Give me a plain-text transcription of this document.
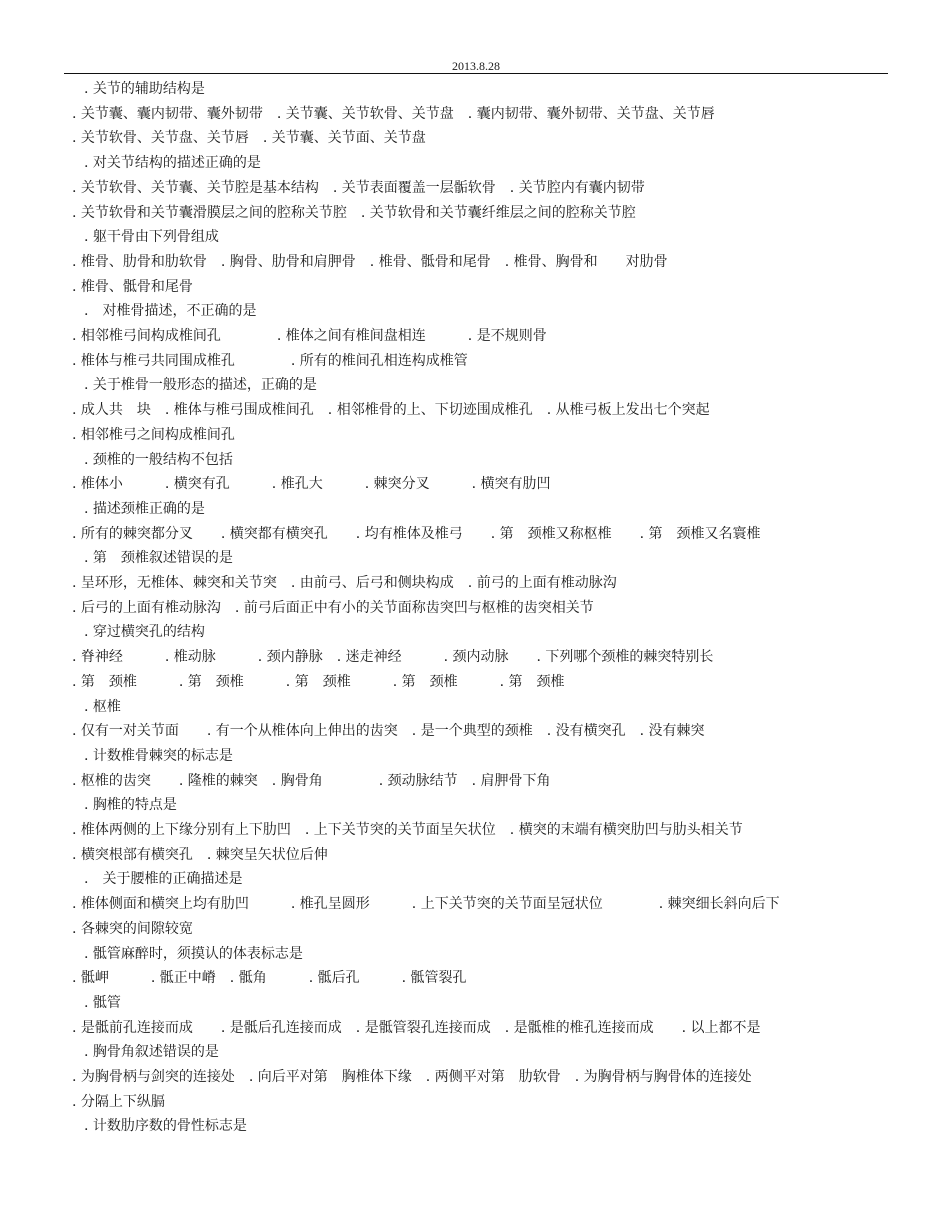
2013.8.28
. 关节的辅助结构是
. 关节囊、囊内韧带、囊外韧带　. 关节囊、关节软骨、关节盘　. 囊内韧带、囊外韧带、关节盘、关节唇
. 关节软骨、关节盘、关节唇　. 关节囊、关节面、关节盘
. 对关节结构的描述正确的是
. 关节软骨、关节囊、关节腔是基本结构　. 关节表面覆盖一层骺软骨　. 关节腔内有囊内韧带
. 关节软骨和关节囊滑膜层之间的腔称关节腔　. 关节软骨和关节囊纤维层之间的腔称关节腔
. 躯干骨由下列骨组成
. 椎骨、肋骨和肋软骨　. 胸骨、肋骨和肩胛骨　. 椎骨、骶骨和尾骨　. 椎骨、胸骨和　　对肋骨
. 椎骨、骶骨和尾骨
.　对椎骨描述，不正确的是
. 相邻椎弓间构成椎间孔　　　　. 椎体之间有椎间盘相连　　　. 是不规则骨
. 椎体与椎弓共同围成椎孔　　　　. 所有的椎间孔相连构成椎管
. 关于椎骨一般形态的描述，正确的是
. 成人共　块　. 椎体与椎弓围成椎间孔　. 相邻椎骨的上、下切迹围成椎孔　. 从椎弓板上发出七个突起
. 相邻椎弓之间构成椎间孔
. 颈椎的一般结构不包括
. 椎体小　　　. 横突有孔　　　. 椎孔大　　　. 棘突分叉　　　. 横突有肋凹
. 描述颈椎正确的是
. 所有的棘突都分叉　　. 横突都有横突孔　　. 均有椎体及椎弓　　. 第　颈椎又称枢椎　　. 第　颈椎又名寰椎
. 第　颈椎叙述错误的是
. 呈环形，无椎体、棘突和关节突　. 由前弓、后弓和侧块构成　. 前弓的上面有椎动脉沟
. 后弓的上面有椎动脉沟　. 前弓后面正中有小的关节面称齿突凹与枢椎的齿突相关节
. 穿过横突孔的结构
. 脊神经　　　. 椎动脉　　　. 颈内静脉　. 迷走神经　　　. 颈内动脉　　. 下列哪个颈椎的棘突特别长
. 第　颈椎　　　. 第　颈椎　　　. 第　颈椎　　　. 第　颈椎　　　. 第　颈椎
. 枢椎
. 仅有一对关节面　　. 有一个从椎体向上伸出的齿突　. 是一个典型的颈椎　. 没有横突孔　. 没有棘突
. 计数椎骨棘突的标志是
. 枢椎的齿突　　. 隆椎的棘突　. 胸骨角　　　　. 颈动脉结节　. 肩胛骨下角
. 胸椎的特点是
. 椎体两侧的上下缘分别有上下肋凹　. 上下关节突的关节面呈矢状位　. 横突的末端有横突肋凹与肋头相关节
. 横突根部有横突孔　. 棘突呈矢状位后伸
.　关于腰椎的正确描述是
. 椎体侧面和横突上均有肋凹　　　. 椎孔呈圆形　　　. 上下关节突的关节面呈冠状位　　　　. 棘突细长斜向后下
. 各棘突的间隙较宽
. 骶管麻醉时，须摸认的体表标志是
. 骶岬　　　. 骶正中嵴　. 骶角　　　. 骶后孔　　　. 骶管裂孔
. 骶管
. 是骶前孔连接而成　　. 是骶后孔连接而成　. 是骶管裂孔连接而成　. 是骶椎的椎孔连接而成　　. 以上都不是
. 胸骨角叙述错误的是
. 为胸骨柄与剑突的连接处　. 向后平对第　胸椎体下缘　. 两侧平对第　肋软骨　. 为胸骨柄与胸骨体的连接处
. 分隔上下纵膈
. 计数肋序数的骨性标志是
